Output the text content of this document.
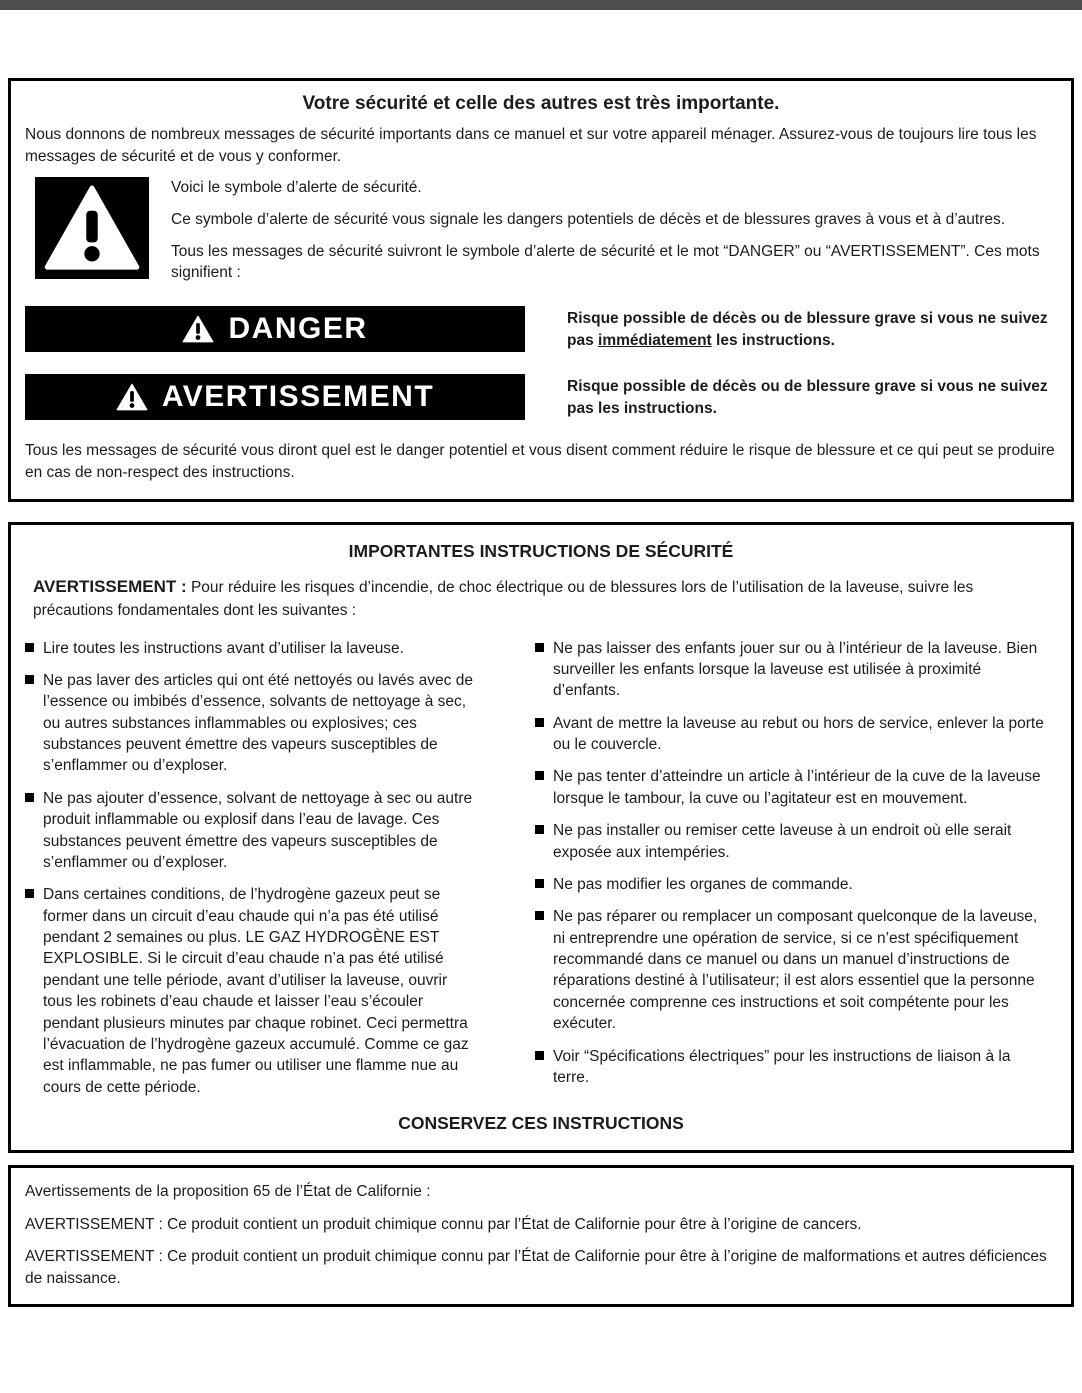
Votre sécurité et celle des autres est très importante.

Nous donnons de nombreux messages de sécurité importants dans ce manuel et sur votre appareil ménager. Assurez-vous de toujours lire tous les messages de sécurité et de vous y conformer.

Voici le symbole d’alerte de sécurité.

Ce symbole d’alerte de sécurité vous signale les dangers potentiels de décès et de blessures graves à vous et à d’autres.

Tous les messages de sécurité suivront le symbole d’alerte de sécurité et le mot “DANGER” ou “AVERTISSEMENT”. Ces mots signifient :

DANGER	Risque possible de décès ou de blessure grave si vous ne suivez pas immédiatement les instructions.

AVERTISSEMENT	Risque possible de décès ou de blessure grave si vous ne suivez pas les instructions.

Tous les messages de sécurité vous diront quel est le danger potentiel et vous disent comment réduire le risque de blessure et ce qui peut se produire en cas de non-respect des instructions.

IMPORTANTES INSTRUCTIONS DE SÉCURITÉ

AVERTISSEMENT : Pour réduire les risques d’incendie, de choc électrique ou de blessures lors de l’utilisation de la laveuse, suivre les précautions fondamentales dont les suivantes :

Lire toutes les instructions avant d’utiliser la laveuse.
Ne pas laver des articles qui ont été nettoyés ou lavés avec de l’essence ou imbibés d’essence, solvants de nettoyage à sec, ou autres substances inflammables ou explosives; ces substances peuvent émettre des vapeurs susceptibles de s’enflammer ou d’exploser.
Ne pas ajouter d’essence, solvant de nettoyage à sec ou autre produit inflammable ou explosif dans l’eau de lavage. Ces substances peuvent émettre des vapeurs susceptibles de s’enflammer ou d’exploser.
Dans certaines conditions, de l’hydrogène gazeux peut se former dans un circuit d’eau chaude qui n’a pas été utilisé pendant 2 semaines ou plus. LE GAZ HYDROGÈNE EST EXPLOSIBLE. Si le circuit d’eau chaude n’a pas été utilisé pendant une telle période, avant d’utiliser la laveuse, ouvrir tous les robinets d’eau chaude et laisser l’eau s’écouler pendant plusieurs minutes par chaque robinet. Ceci permettra l’évacuation de l’hydrogène gazeux accumulé. Comme ce gaz est inflammable, ne pas fumer ou utiliser une flamme nue au cours de cette période.
Ne pas laisser des enfants jouer sur ou à l’intérieur de la laveuse. Bien surveiller les enfants lorsque la laveuse est utilisée à proximité d’enfants.
Avant de mettre la laveuse au rebut ou hors de service, enlever la porte ou le couvercle.
Ne pas tenter d’atteindre un article à l’intérieur de la cuve de la laveuse lorsque le tambour, la cuve ou l’agitateur est en mouvement.
Ne pas installer ou remiser cette laveuse à un endroit où elle serait exposée aux intempéries.
Ne pas modifier les organes de commande.
Ne pas réparer ou remplacer un composant quelconque de la laveuse, ni entreprendre une opération de service, si ce n’est spécifiquement recommandé dans ce manuel ou dans un manuel d’instructions de réparations destiné à l’utilisateur; il est alors essentiel que la personne concernée comprenne ces instructions et soit compétente pour les exécuter.
Voir “Spécifications électriques” pour les instructions de liaison à la terre.

CONSERVEZ CES INSTRUCTIONS

Avertissements de la proposition 65 de l’État de Californie :

AVERTISSEMENT : Ce produit contient un produit chimique connu par l’État de Californie pour être à l’origine de cancers.

AVERTISSEMENT : Ce produit contient un produit chimique connu par l’État de Californie pour être à l’origine de malformations et autres déficiences de naissance.
